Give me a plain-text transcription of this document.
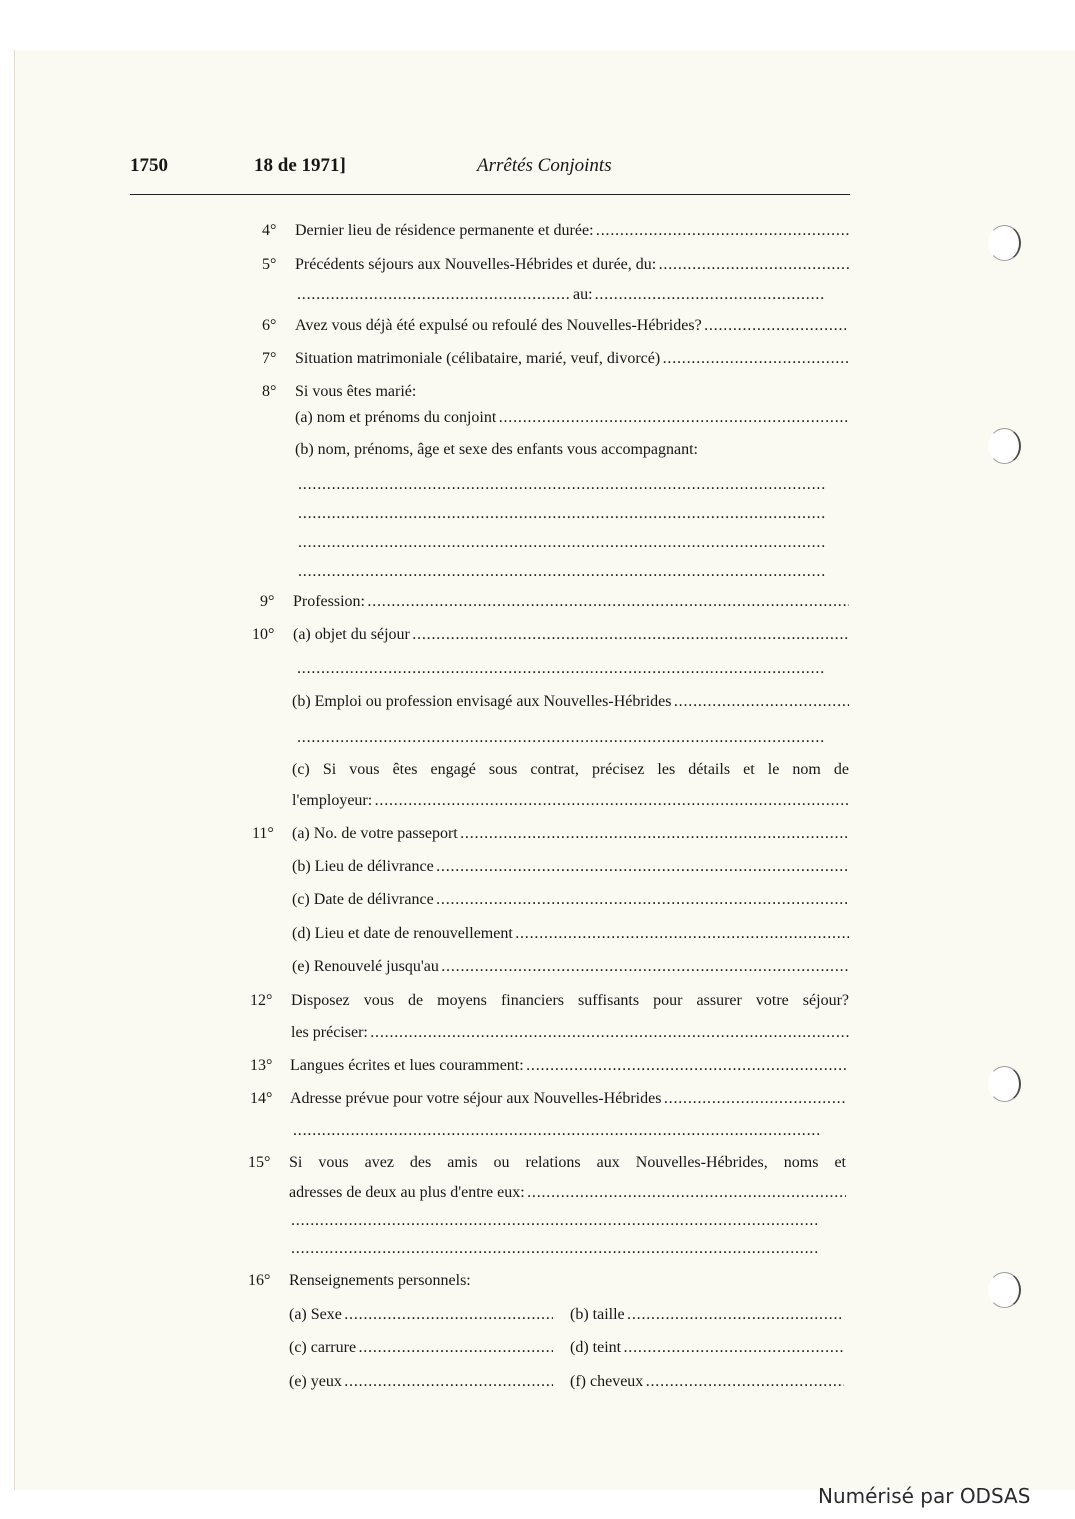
1750	18 de 1971]	Arrêtés Conjoints
4° Dernier lieu de résidence permanente et durée: . . .
5° Précédents séjours aux Nouvelles-Hébrides et durée, du: . . .
. . .
au:
6° Avez vous déjà été expulsé ou refoulé des Nouvelles-Hébrides? . . .
7° Situation matrimoniale (célibataire, marié, veuf, divorcé) . . .
8° Si vous êtes marié:
(a) nom et prénoms du conjoint . . .
(b) nom, prénoms, âge et sexe des enfants vous accompagnant:
. . .
. . .
. . .
. . .
9° Profession: . . .
10° (a) objet du séjour . . .
. . .
(b) Emploi ou profession envisagé aux Nouvelles-Hébrides . . .
. . .
(c) Si vous êtes engagé sous contrat, précisez les détails et le nom de
l'employeur: . . .
11° (a) No. de votre passeport . . .
(b) Lieu de délivrance . . .
(c) Date de délivrance . . .
(d) Lieu et date de renouvellement . . .
(e) Renouvelé jusqu'au . . .
12° Disposez vous de moyens financiers suffisants pour assurer votre séjour?
les préciser: . . .
13° Langues écrites et lues couramment: . . .
14° Adresse prévue pour votre séjour aux Nouvelles-Hébrides . . .
. . .
15° Si vous avez des amis ou relations aux Nouvelles-Hébrides, noms et
adresses de deux au plus d'entre eux: . . .
. . .
. . .
16° Renseignements personnels:
(a) Sexe . . .	(b) taille . . .
(c) carrure . . .	(d) teint . . .
(e) yeux . . .	(f) cheveux . . .
Numérisé par ODSAS
